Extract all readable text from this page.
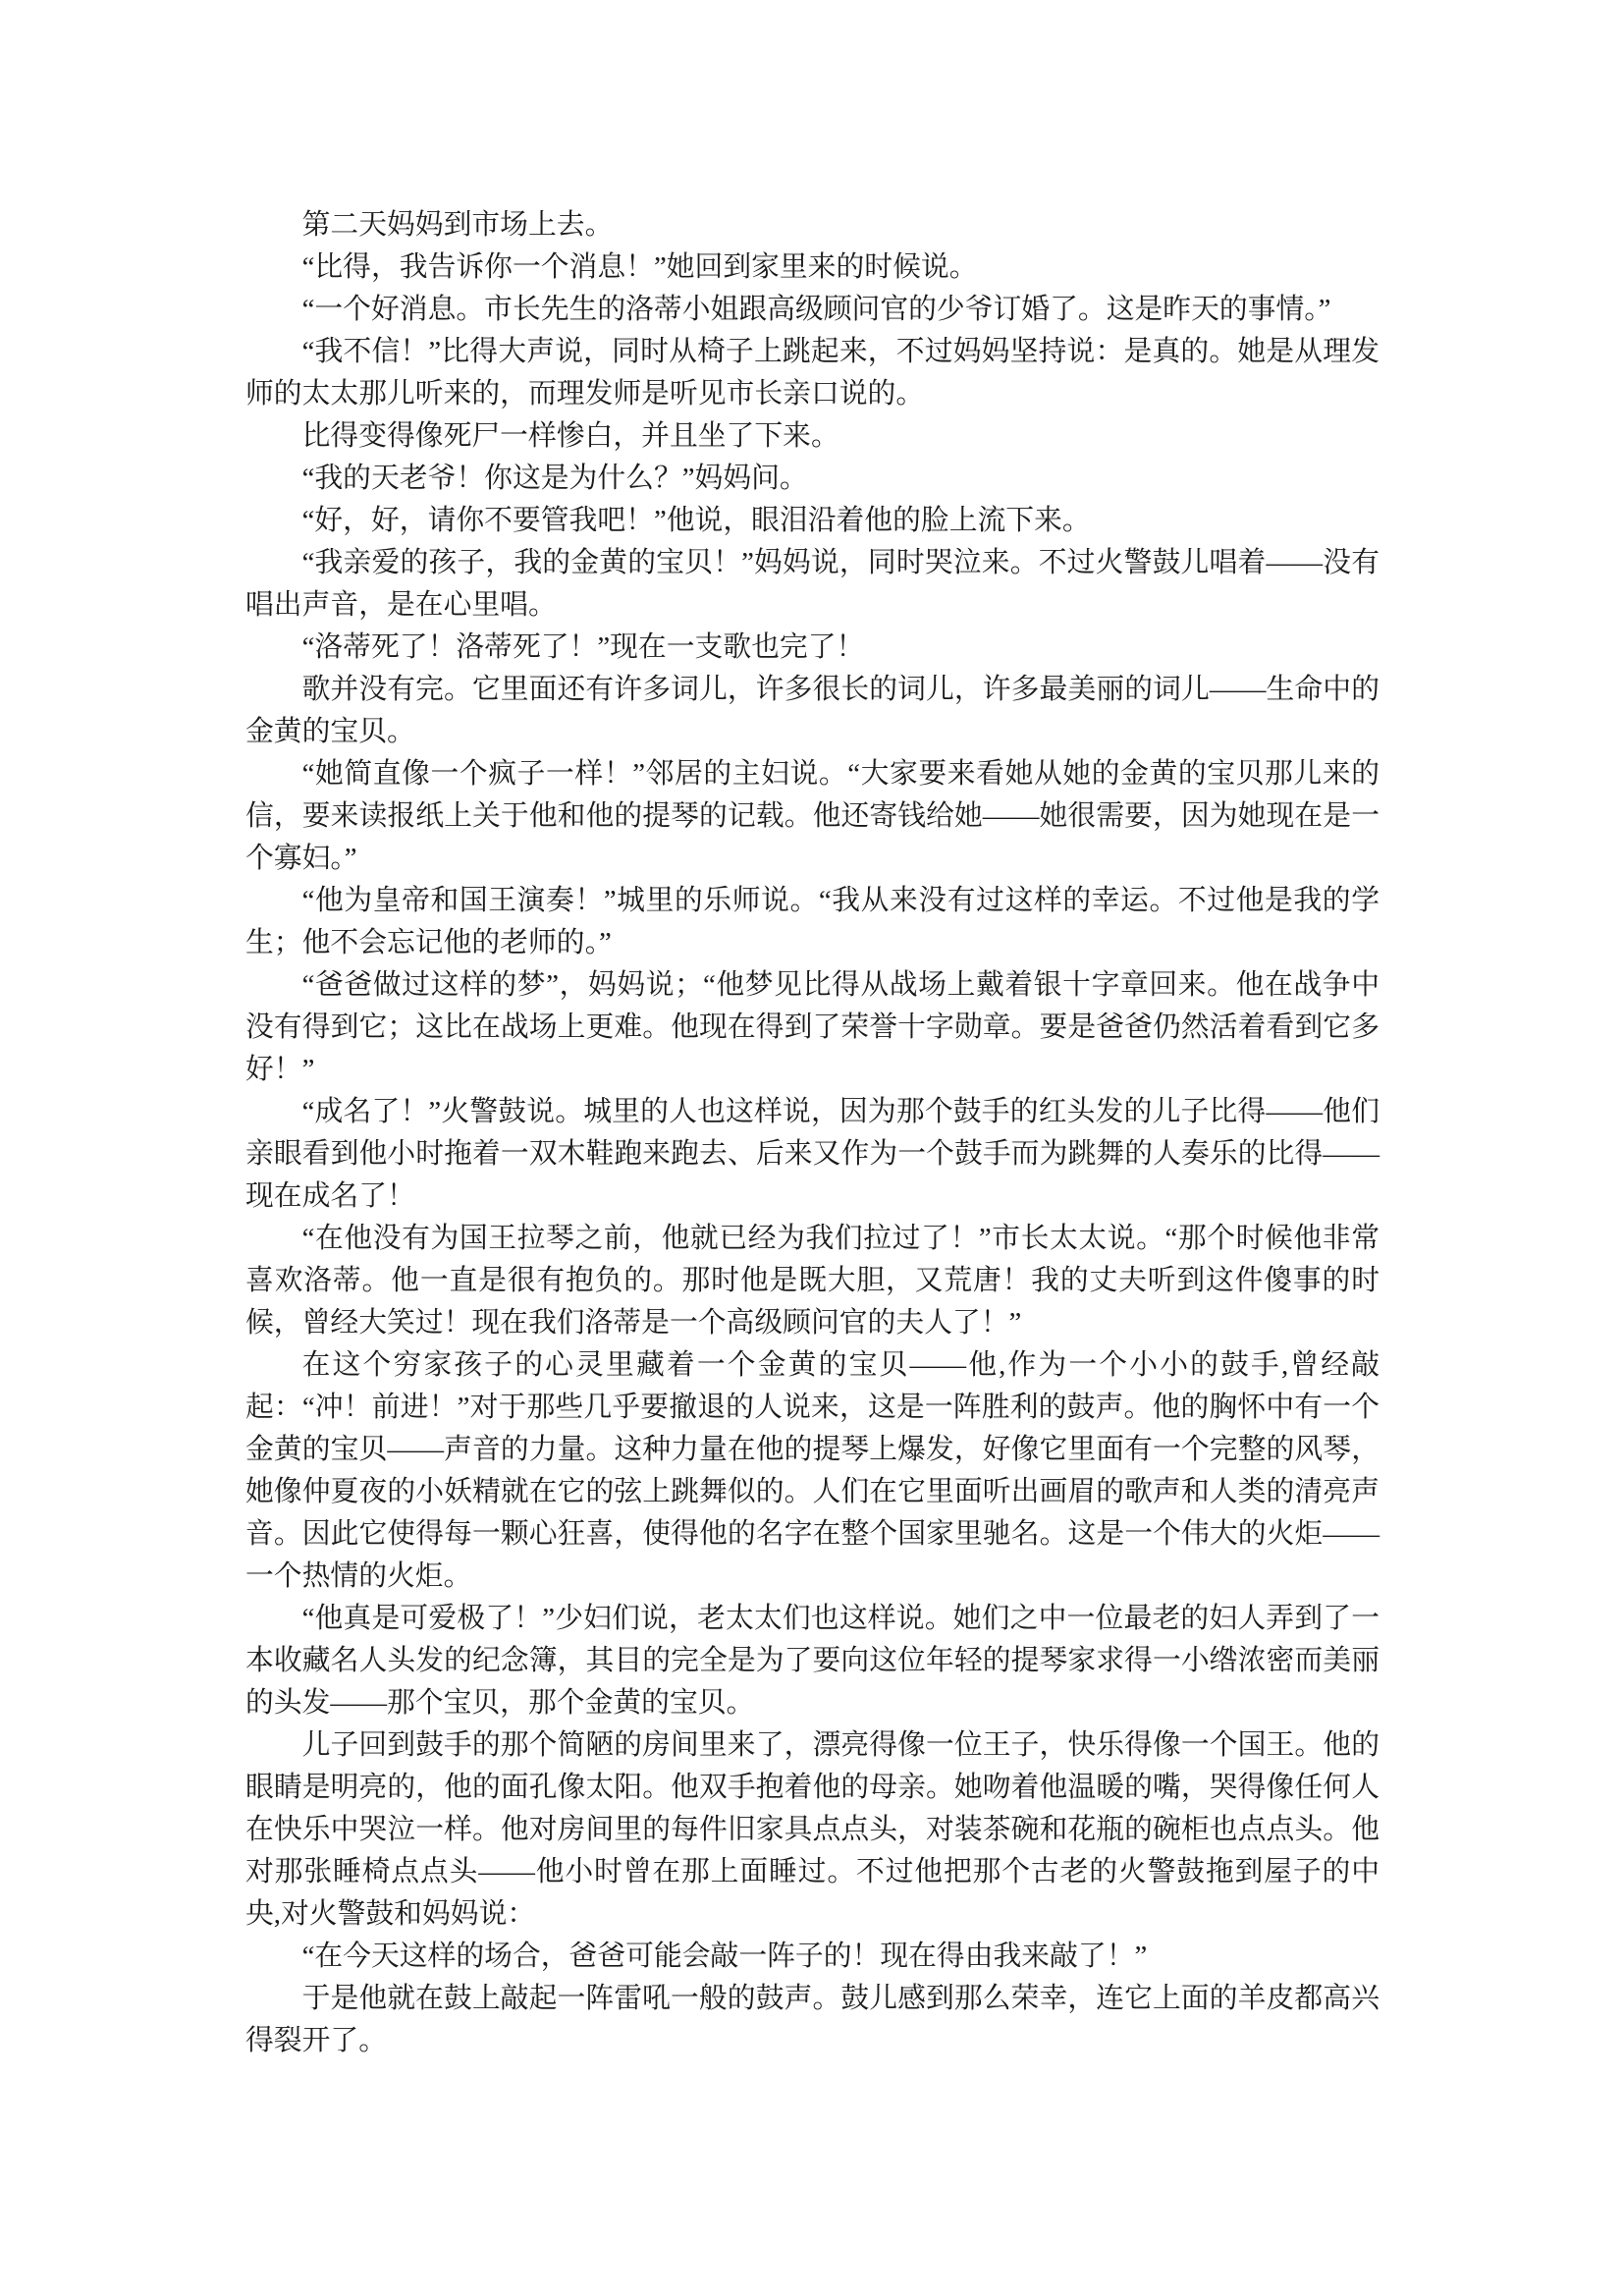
第二天妈妈到市场上去。

“比得，我告诉你一个消息！”她回到家里来的时候说。

“一个好消息。市长先生的洛蒂小姐跟高级顾问官的少爷订婚了。这是昨天的事情。”

“我不信！”比得大声说，同时从椅子上跳起来，不过妈妈坚持说：是真的。她是从理发师的太太那儿听来的，而理发师是听见市长亲口说的。

比得变得像死尸一样惨白，并且坐了下来。

“我的天老爷！你这是为什么？”妈妈问。

“好，好，请你不要管我吧！”他说，眼泪沿着他的脸上流下来。

“我亲爱的孩子，我的金黄的宝贝！”妈妈说，同时哭泣来。不过火警鼓儿唱着——没有唱出声音，是在心里唱。

“洛蒂死了！洛蒂死了！”现在一支歌也完了！

歌并没有完。它里面还有许多词儿，许多很长的词儿，许多最美丽的词儿——生命中的金黄的宝贝。

“她简直像一个疯子一样！”邻居的主妇说。“大家要来看她从她的金黄的宝贝那儿来的信，要来读报纸上关于他和他的提琴的记载。他还寄钱给她——她很需要，因为她现在是一个寡妇。”

“他为皇帝和国王演奏！”城里的乐师说。“我从来没有过这样的幸运。不过他是我的学生；他不会忘记他的老师的。”

“爸爸做过这样的梦”，妈妈说；“他梦见比得从战场上戴着银十字章回来。他在战争中没有得到它；这比在战场上更难。他现在得到了荣誉十字勋章。要是爸爸仍然活着看到它多好！”

“成名了！”火警鼓说。城里的人也这样说，因为那个鼓手的红头发的儿子比得——他们亲眼看到他小时拖着一双木鞋跑来跑去、后来又作为一个鼓手而为跳舞的人奏乐的比得——现在成名了！

“在他没有为国王拉琴之前，他就已经为我们拉过了！”市长太太说。“那个时候他非常喜欢洛蒂。他一直是很有抱负的。那时他是既大胆，又荒唐！我的丈夫听到这件傻事的时候，曾经大笑过！现在我们洛蒂是一个高级顾问官的夫人了！”

在这个穷家孩子的心灵里藏着一个金黄的宝贝——他,作为一个小小的鼓手,曾经敲起：“冲！前进！”对于那些几乎要撤退的人说来，这是一阵胜利的鼓声。他的胸怀中有一个金黄的宝贝——声音的力量。这种力量在他的提琴上爆发，好像它里面有一个完整的风琴，她像仲夏夜的小妖精就在它的弦上跳舞似的。人们在它里面听出画眉的歌声和人类的清亮声音。因此它使得每一颗心狂喜，使得他的名字在整个国家里驰名。这是一个伟大的火炬——一个热情的火炬。

“他真是可爱极了！”少妇们说，老太太们也这样说。她们之中一位最老的妇人弄到了一本收藏名人头发的纪念簿，其目的完全是为了要向这位年轻的提琴家求得一小绺浓密而美丽的头发——那个宝贝，那个金黄的宝贝。

儿子回到鼓手的那个简陋的房间里来了，漂亮得像一位王子，快乐得像一个国王。他的眼睛是明亮的，他的面孔像太阳。他双手抱着他的母亲。她吻着他温暖的嘴，哭得像任何人在快乐中哭泣一样。他对房间里的每件旧家具点点头，对装茶碗和花瓶的碗柜也点点头。他对那张睡椅点点头——他小时曾在那上面睡过。不过他把那个古老的火警鼓拖到屋子的中央,对火警鼓和妈妈说：

“在今天这样的场合，爸爸可能会敲一阵子的！现在得由我来敲了！”

于是他就在鼓上敲起一阵雷吼一般的鼓声。鼓儿感到那么荣幸，连它上面的羊皮都高兴得裂开了。
